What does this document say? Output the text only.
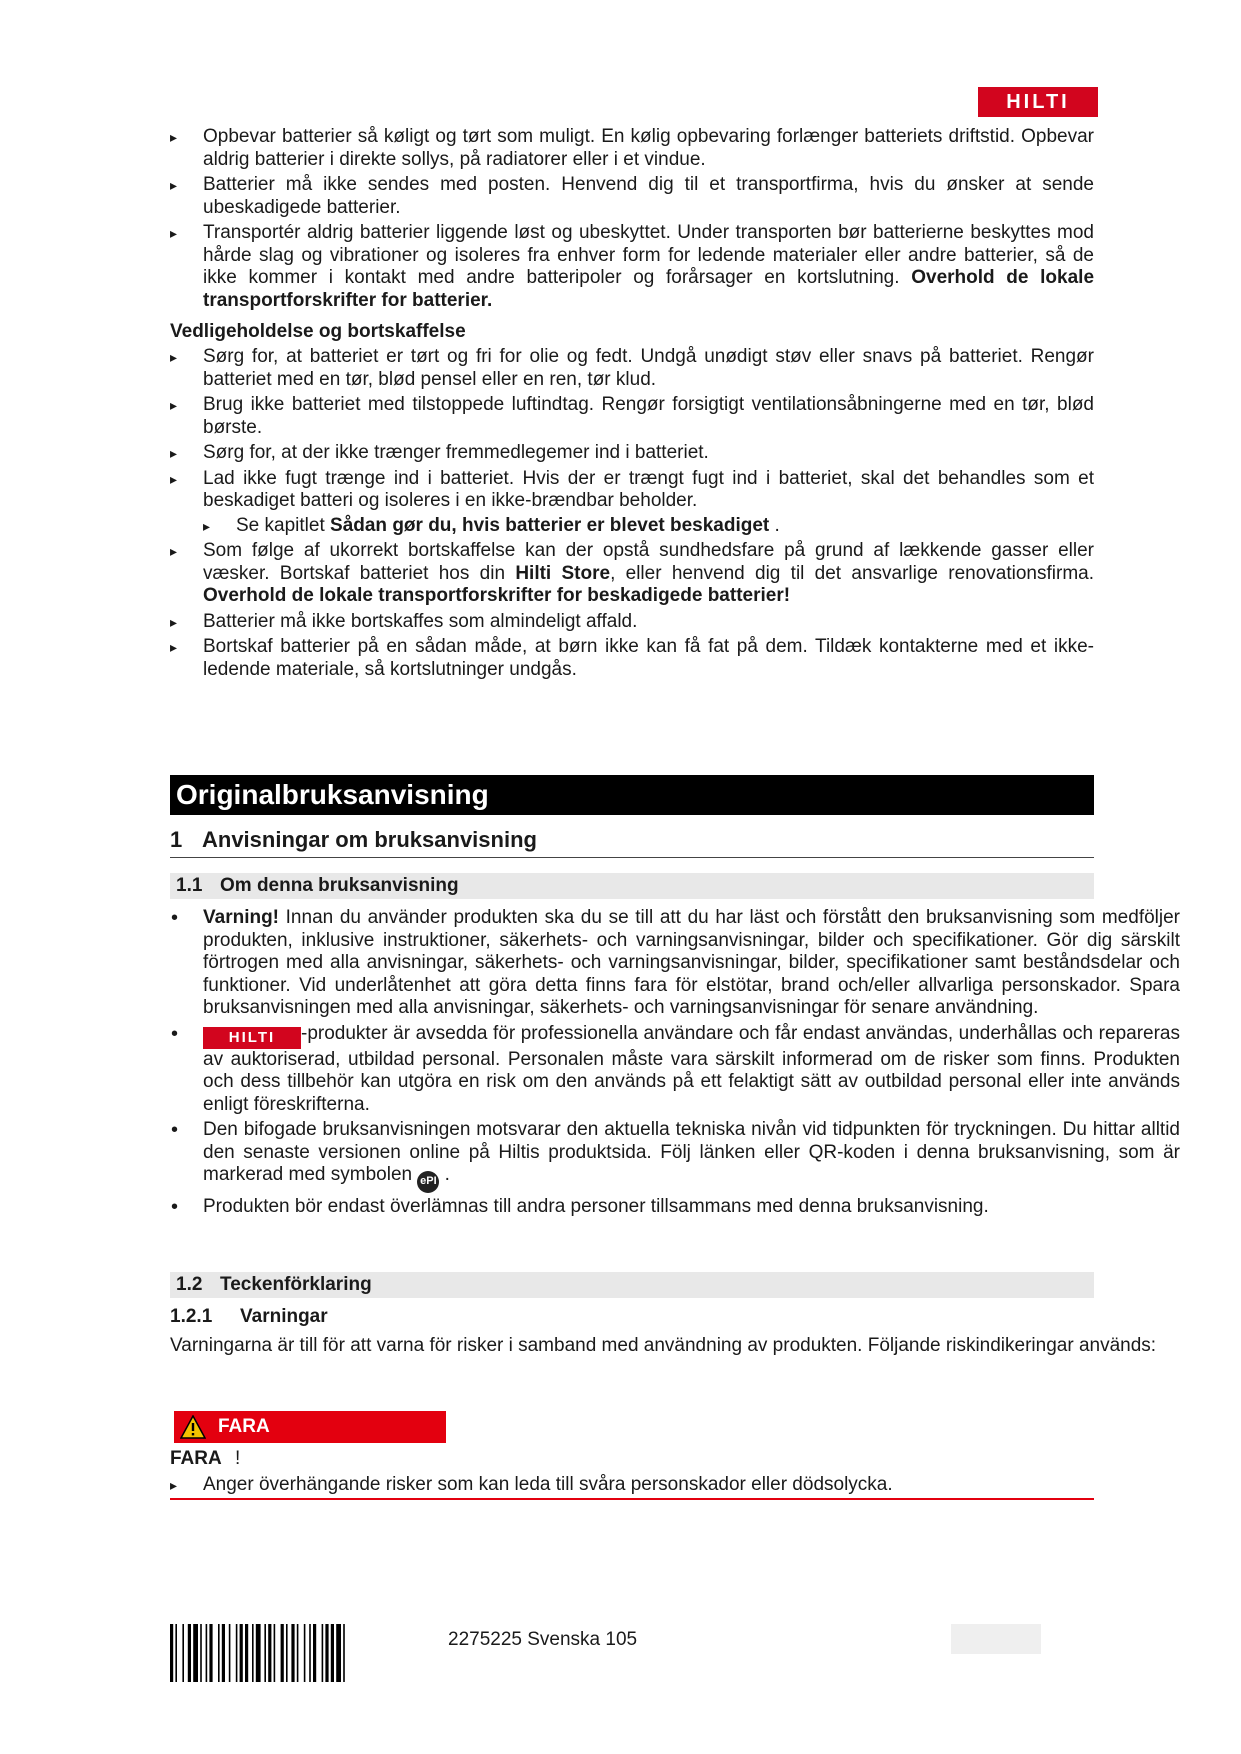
HILTI
▸ Opbevar batterier så køligt og tørt som muligt. En kølig opbevaring forlænger batteriets driftstid. Opbevar aldrig batterier i direkte sollys, på radiatorer eller i et vindue.
▸ Batterier må ikke sendes med posten. Henvend dig til et transportfirma, hvis du ønsker at sende ubeskadigede batterier.
▸ Transportér aldrig batterier liggende løst og ubeskyttet. Under transporten bør batterierne beskyttes mod hårde slag og vibrationer og isoleres fra enhver form for ledende materialer eller andre batterier, så de ikke kommer i kontakt med andre batteripoler og forårsager en kortslutning. Overhold de lokale transportforskrifter for batterier.
Vedligeholdelse og bortskaffelse
▸ Sørg for, at batteriet er tørt og fri for olie og fedt. Undgå unødigt støv eller snavs på batteriet. Rengør batteriet med en tør, blød pensel eller en ren, tør klud.
▸ Brug ikke batteriet med tilstoppede luftindtag. Rengør forsigtigt ventilationsåbningerne med en tør, blød børste.
▸ Sørg for, at der ikke trænger fremmedlegemer ind i batteriet.
▸ Lad ikke fugt trænge ind i batteriet. Hvis der er trængt fugt ind i batteriet, skal det behandles som et beskadiget batteri og isoleres i en ikke-brændbar beholder.
▸ Se kapitlet Sådan gør du, hvis batterier er blevet beskadiget .
▸ Som følge af ukorrekt bortskaffelse kan der opstå sundhedsfare på grund af lækkende gasser eller væsker. Bortskaf batteriet hos din Hilti Store, eller henvend dig til det ansvarlige renovationsfirma. Overhold de lokale transportforskrifter for beskadigede batterier!
▸ Batterier må ikke bortskaffes som almindeligt affald.
▸ Bortskaf batterier på en sådan måde, at børn ikke kan få fat på dem. Tildæk kontakterne med et ikke-ledende materiale, så kortslutninger undgås.
Originalbruksanvisning
1 Anvisningar om bruksanvisning
1.1 Om denna bruksanvisning
• Varning! Innan du använder produkten ska du se till att du har läst och förstått den bruksanvisning som medföljer produkten, inklusive instruktioner, säkerhets- och varningsanvisningar, bilder och specifikationer. Gör dig särskilt förtrogen med alla anvisningar, säkerhets- och varningsanvisningar, bilder, specifikationer samt beståndsdelar och funktioner. Vid underlåtenhet att göra detta finns fara för elstötar, brand och/eller allvarliga personskador. Spara bruksanvisningen med alla anvisningar, säkerhets- och varningsanvisningar för senare användning.
• HILTI -produkter är avsedda för professionella användare och får endast användas, underhållas och repareras av auktoriserad, utbildad personal. Personalen måste vara särskilt informerad om de risker som finns. Produkten och dess tillbehör kan utgöra en risk om den används på ett felaktigt sätt av outbildad personal eller inte används enligt föreskrifterna.
• Den bifogade bruksanvisningen motsvarar den aktuella tekniska nivån vid tidpunkten för tryckningen. Du hittar alltid den senaste versionen online på Hiltis produktsida. Följ länken eller QR-koden i denna bruksanvisning, som är markerad med symbolen ePI .
• Produkten bör endast överlämnas till andra personer tillsammans med denna bruksanvisning.
1.2 Teckenförklaring
1.2.1 Varningar
Varningarna är till för att varna för risker i samband med användning av produkten. Följande riskindikeringar används:
FARA
FARA !
▸ Anger överhängande risker som kan leda till svåra personskador eller dödsolycka.
2275225 Svenska 105
